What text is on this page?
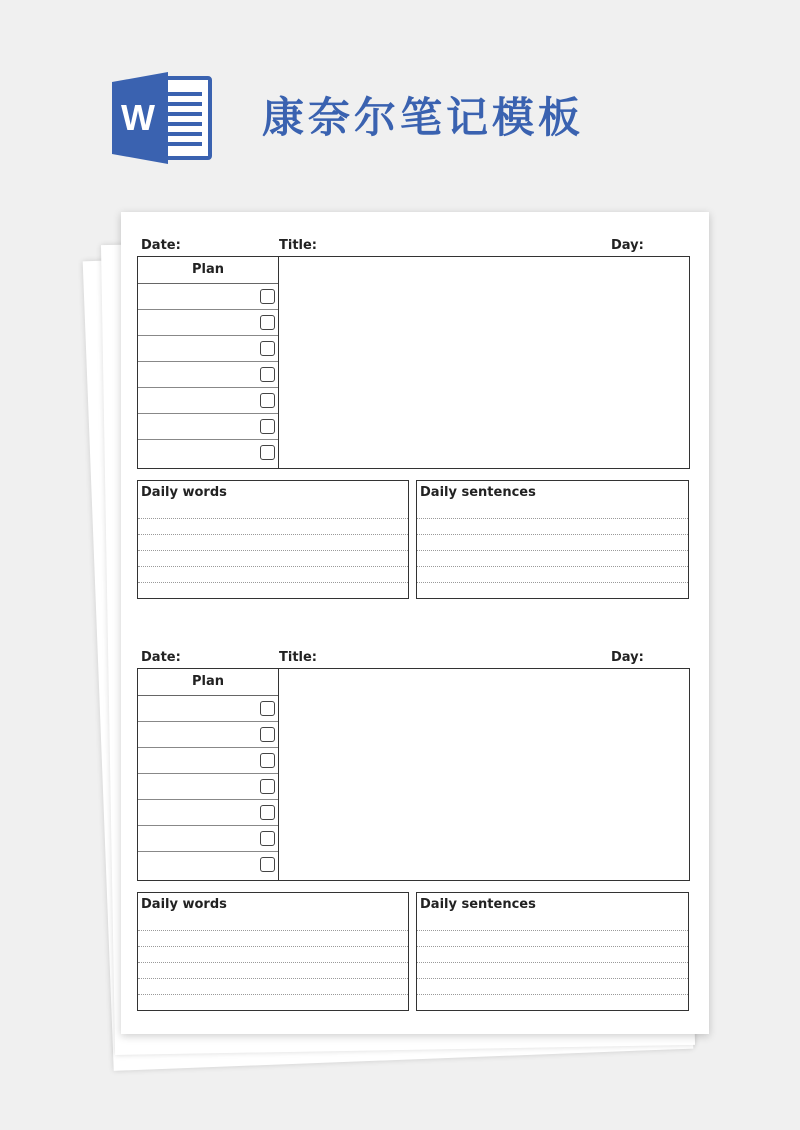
W	康奈尔笔记模板
Date:	Title:	Day:
Plan
Daily words	Daily sentences
Date:	Title:	Day:
Plan
Daily words	Daily sentences
